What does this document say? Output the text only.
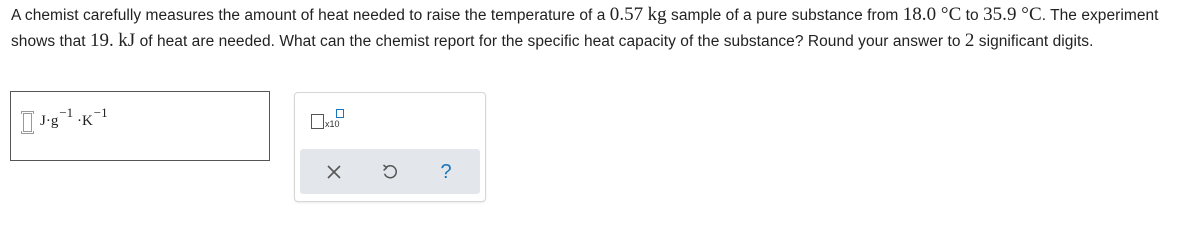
A chemist carefully measures the amount of heat needed to raise the temperature of a 0.57 kg sample of a pure substance from 18.0 °C to 35.9 °C. The experiment shows that 19. kJ of heat are needed. What can the chemist report for the specific heat capacity of the substance? Round your answer to 2 significant digits.
$J\cdot g^{-1} \cdot K^{-1}$
x10
?
